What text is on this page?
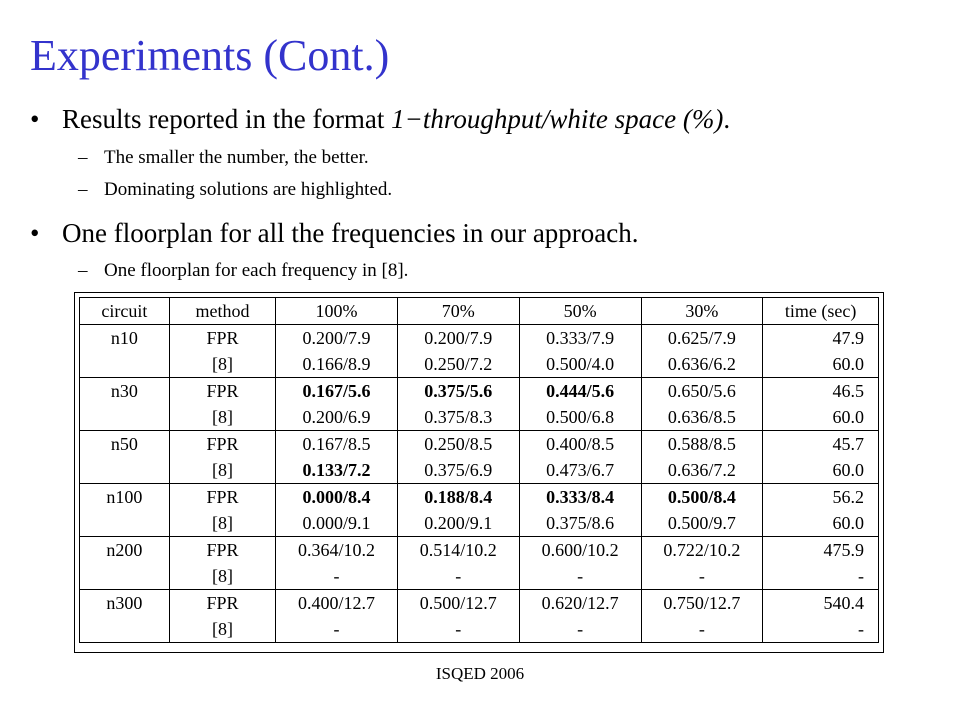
Experiments (Cont.)
• Results reported in the format 1−throughput/white space (%).
– The smaller the number, the better.
– Dominating solutions are highlighted.
• One floorplan for all the frequencies in our approach.
– One floorplan for each frequency in [8].
circuit	method	100%	70%	50%	30%	time (sec)
n10	FPR	0.200/7.9	0.200/7.9	0.333/7.9	0.625/7.9	47.9
	[8]	0.166/8.9	0.250/7.2	0.500/4.0	0.636/6.2	60.0
n30	FPR	0.167/5.6	0.375/5.6	0.444/5.6	0.650/5.6	46.5
	[8]	0.200/6.9	0.375/8.3	0.500/6.8	0.636/8.5	60.0
n50	FPR	0.167/8.5	0.250/8.5	0.400/8.5	0.588/8.5	45.7
	[8]	0.133/7.2	0.375/6.9	0.473/6.7	0.636/7.2	60.0
n100	FPR	0.000/8.4	0.188/8.4	0.333/8.4	0.500/8.4	56.2
	[8]	0.000/9.1	0.200/9.1	0.375/8.6	0.500/9.7	60.0
n200	FPR	0.364/10.2	0.514/10.2	0.600/10.2	0.722/10.2	475.9
	[8]	-	-	-	-	-
n300	FPR	0.400/12.7	0.500/12.7	0.620/12.7	0.750/12.7	540.4
	[8]	-	-	-	-	-
ISQED 2006
